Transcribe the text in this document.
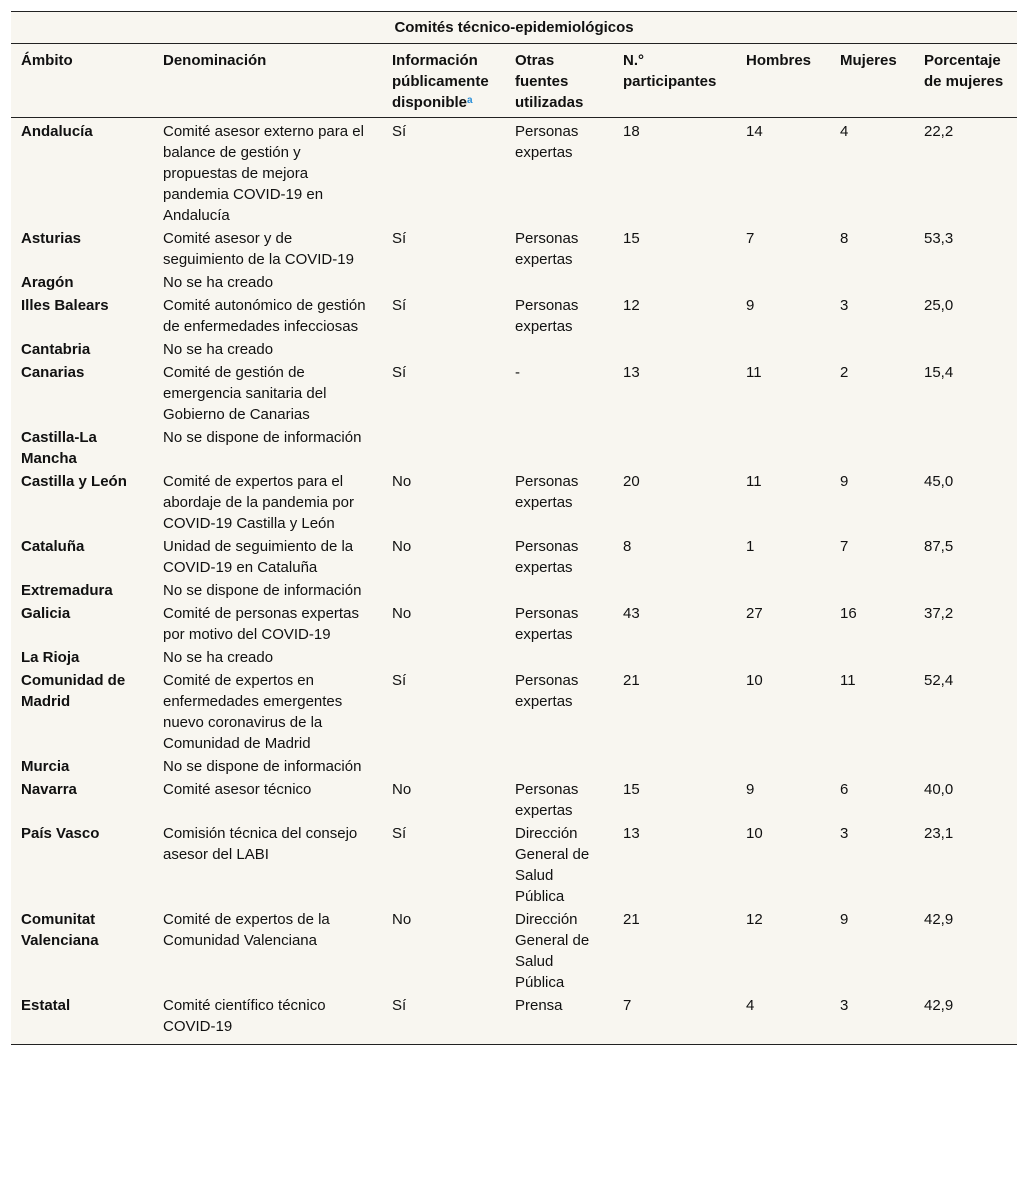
Comités técnico-epidemiológicos							
Ámbito	Denominación	Información públicamente disponible$^a$	Otras fuentes utilizadas	N.° participantes	Hombres	Mujeres	Porcentaje de mujeres
Andalucía	Comité asesor externo para el balance de gestión y propuestas de mejora pandemia COVID-19 en Andalucía	Sí	Personas expertas	18	14	4	22,2
Asturias	Comité asesor y de seguimiento de la COVID-19	Sí	Personas expertas	15	7	8	53,3
Aragón	No se ha creado						
Illes Balears	Comité autonómico de gestión de enfermedades infecciosas	Sí	Personas expertas	12	9	3	25,0
Cantabria	No se ha creado						
Canarias	Comité de gestión de emergencia sanitaria del Gobierno de Canarias	Sí	-	13	11	2	15,4
Castilla-La Mancha	No se dispone de información						
Castilla y León	Comité de expertos para el abordaje de la pandemia por COVID-19 Castilla y León	No	Personas expertas	20	11	9	45,0
Cataluña	Unidad de seguimiento de la COVID-19 en Cataluña	No	Personas expertas	8	1	7	87,5
Extremadura	No se dispone de información						
Galicia	Comité de personas expertas por motivo del COVID-19	No	Personas expertas	43	27	16	37,2
La Rioja	No se ha creado						
Comunidad de Madrid	Comité de expertos en enfermedades emergentes nuevo coronavirus de la Comunidad de Madrid	Sí	Personas expertas	21	10	11	52,4
Murcia	No se dispone de información						
Navarra	Comité asesor técnico	No	Personas expertas	15	9	6	40,0
País Vasco	Comisión técnica del consejo asesor del LABI	Sí	Dirección General de Salud Pública	13	10	3	23,1
Comunitat Valenciana	Comité de expertos de la Comunidad Valenciana	No	Dirección General de Salud Pública	21	12	9	42,9
Estatal	Comité científico técnico COVID-19	Sí	Prensa	7	4	3	42,9
